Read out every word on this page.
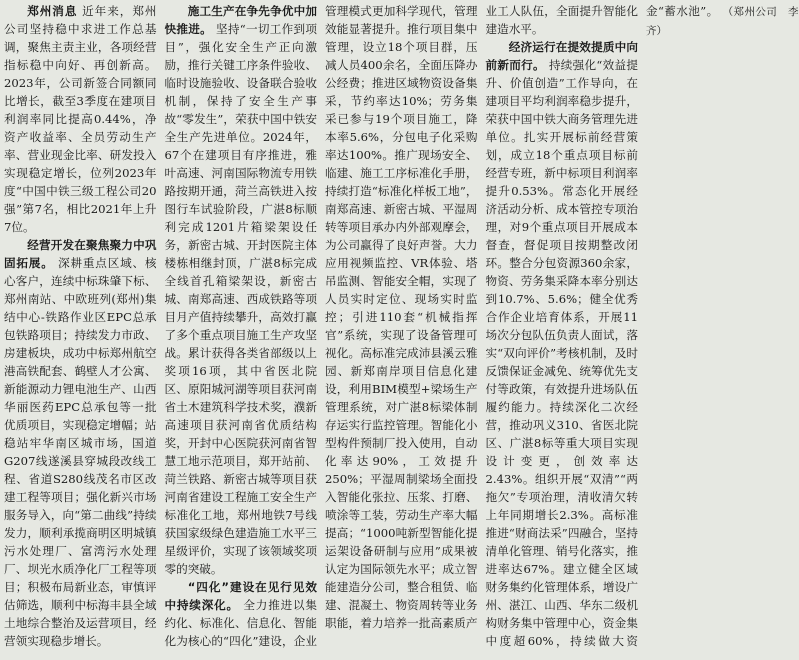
郑州消息 近年来，郑州公司坚持稳中求进工作总基调，聚焦主责主业，各项经营指标稳中向好、再创新高。2023年，公司新签合同额同比增长，截至3季度在建项目利润率同比提高0.44%，净资产收益率、全员劳动生产率、营业现金比率、研发投入实现稳定增长，位列2023年度“中国中铁三级工程公司20强”第7名，相比2021年上升7位。

经营开发在聚焦聚力中巩固拓展。 深耕重点区域、核心客户，连续中标珠肇下标、郑州南站、中欧班列(郑州)集结中心-铁路作业区EPC总承包铁路项目；持续发力市政、房建板块，成功中标郑州航空港高铁配套、鹤壁人才公寓、新能源动力锂电池生产、山西华丽医药EPC总承包等一批优质项目，实现稳定增幅；站稳站牢华南区城市场，国道G207线遂溪县穿城段改线工程、省道S280线茂名市区改建工程等项目；强化新兴市场服务导入，向“第二曲线”持续发力，顺利承揽商明区明城镇污水处理厂、富湾污水处理厂、坝光水质净化厂工程等项目；积极布局新业态，审慎评估筛选，顺利中标海丰县全域土地综合整治及运营项目，经营领实现稳步增长。

施工生产在争先争优中加快推进。 坚持“一切工作到项目”，强化安全生产正向激励，推行关键工序条件验收、临时设施验收、设备联合验收机制，保持了安全生产事故“零发生”，荣获中国中铁安全生产先进单位。2024年，67个在建项目有序推进，雅叶高速、河南国际物流专用铁路按期开通，菏兰高铁进入按图行车试验阶段，广湛8标顺利完成1201片箱梁架设任务，新密古城、开封医院主体楼栋相继封顶，广湛8标完成全线首孔箱梁架设，新密古城、南郑高速、西成铁路等项目月产值持续攀升，高效打赢了多个重点项目施工生产攻坚战。累计获得各类省部级以上奖项16项，其中省医北院区、原阳城河湖等项目获河南省土木建筑科学技术奖，濮新高速项目获河南省优质结构奖，开封中心医院获河南省智慧工地示范项目，郑开站前、菏兰铁路、新密古城等项目获河南省建设工程施工安全生产标准化工地，郑州地铁7号线获国家级绿色建造施工水平三星级评价，实现了该领域奖项零的突破。

“四化”建设在见行见效中持续深化。 全力推进以集约化、标准化、信息化、智能化为核心的“四化”建设，企业管理模式更加科学现代，管理效能显著提升。推行项目集中管理，设立18个项目群，压减人员400余名，全面压降办公经费；推进区域物资设备集采，节约率达10%；劳务集采已参与19个项目施工，降本率5.6%，分包电子化采购率达100%。推广现场安全、临建、施工工序标准化手册，持续打造“标准化样板工地”，南郑高速、新密古城、平湿周转等项目承办内外部观摩会，为公司赢得了良好声誉。大力应用视频监控、VR体验、塔吊监测、智能安全帽，实现了人员实时定位、现场实时监控；引进110套“机械指挥官”系统，实现了设备管理可视化。高标准完成沛县溪云雅园、新郑南岸项目信息化建设，利用BIM模型+梁场生产管理系统，对广湛8标梁体制存运实行监控管理。智能化小型构件预制厂投入使用，自动化率达90%，工效提升250%；平湿周制梁场全面投入智能化张拉、压浆、打磨、喷涂等工装，劳动生产率大幅提高；“1000吨新型智能化提运架设备研制与应用”成果被认定为国际领先水平；成立智能建造分公司，整合租赁、临建、混凝土、物资周转等业务职能，着力培养一批高素质产业工人队伍，全面提升智能化建造水平。

经济运行在提效提质中向前新而行。 持续强化“效益提升、价值创造”工作导向，在建项目平均利润率稳步提升，荣获中国中铁大商务管理先进单位。扎实开展标前经营策划，成立18个重点项目标前经营专班，新中标项目利润率提升0.53%。常态化开展经济活动分析、成本管控专项治理，对9个重点项目开展成本督查，督促项目按期整改闭环。整合分包资源360余家，物资、劳务集采降本率分别达到10.7%、5.6%；健全优秀合作企业培育体系，开展11场次分包队伍负责人面试，落实“双向评价”考核机制，及时反馈保证金减免、统筹优先支付等政策，有效提升进场队伍履约能力。持续深化二次经营，推动巩义310、省医北院区、广湛8标等重大项目实现设计变更，创效率达2.43%。组织开展“双清”“两拖欠”专项治理，清收清欠转上年同期增长2.3%。高标准推进“财商法采”四融合，坚持清单化管理、销号化落实，推进率达67%。建立健全区域财务集约化管理体系，增设广州、湛江、山西、华东二级机构财务集中管理中心，资金集中度超60%，持续做大资金“蓄水池”。 （郑州公司　李齐）
